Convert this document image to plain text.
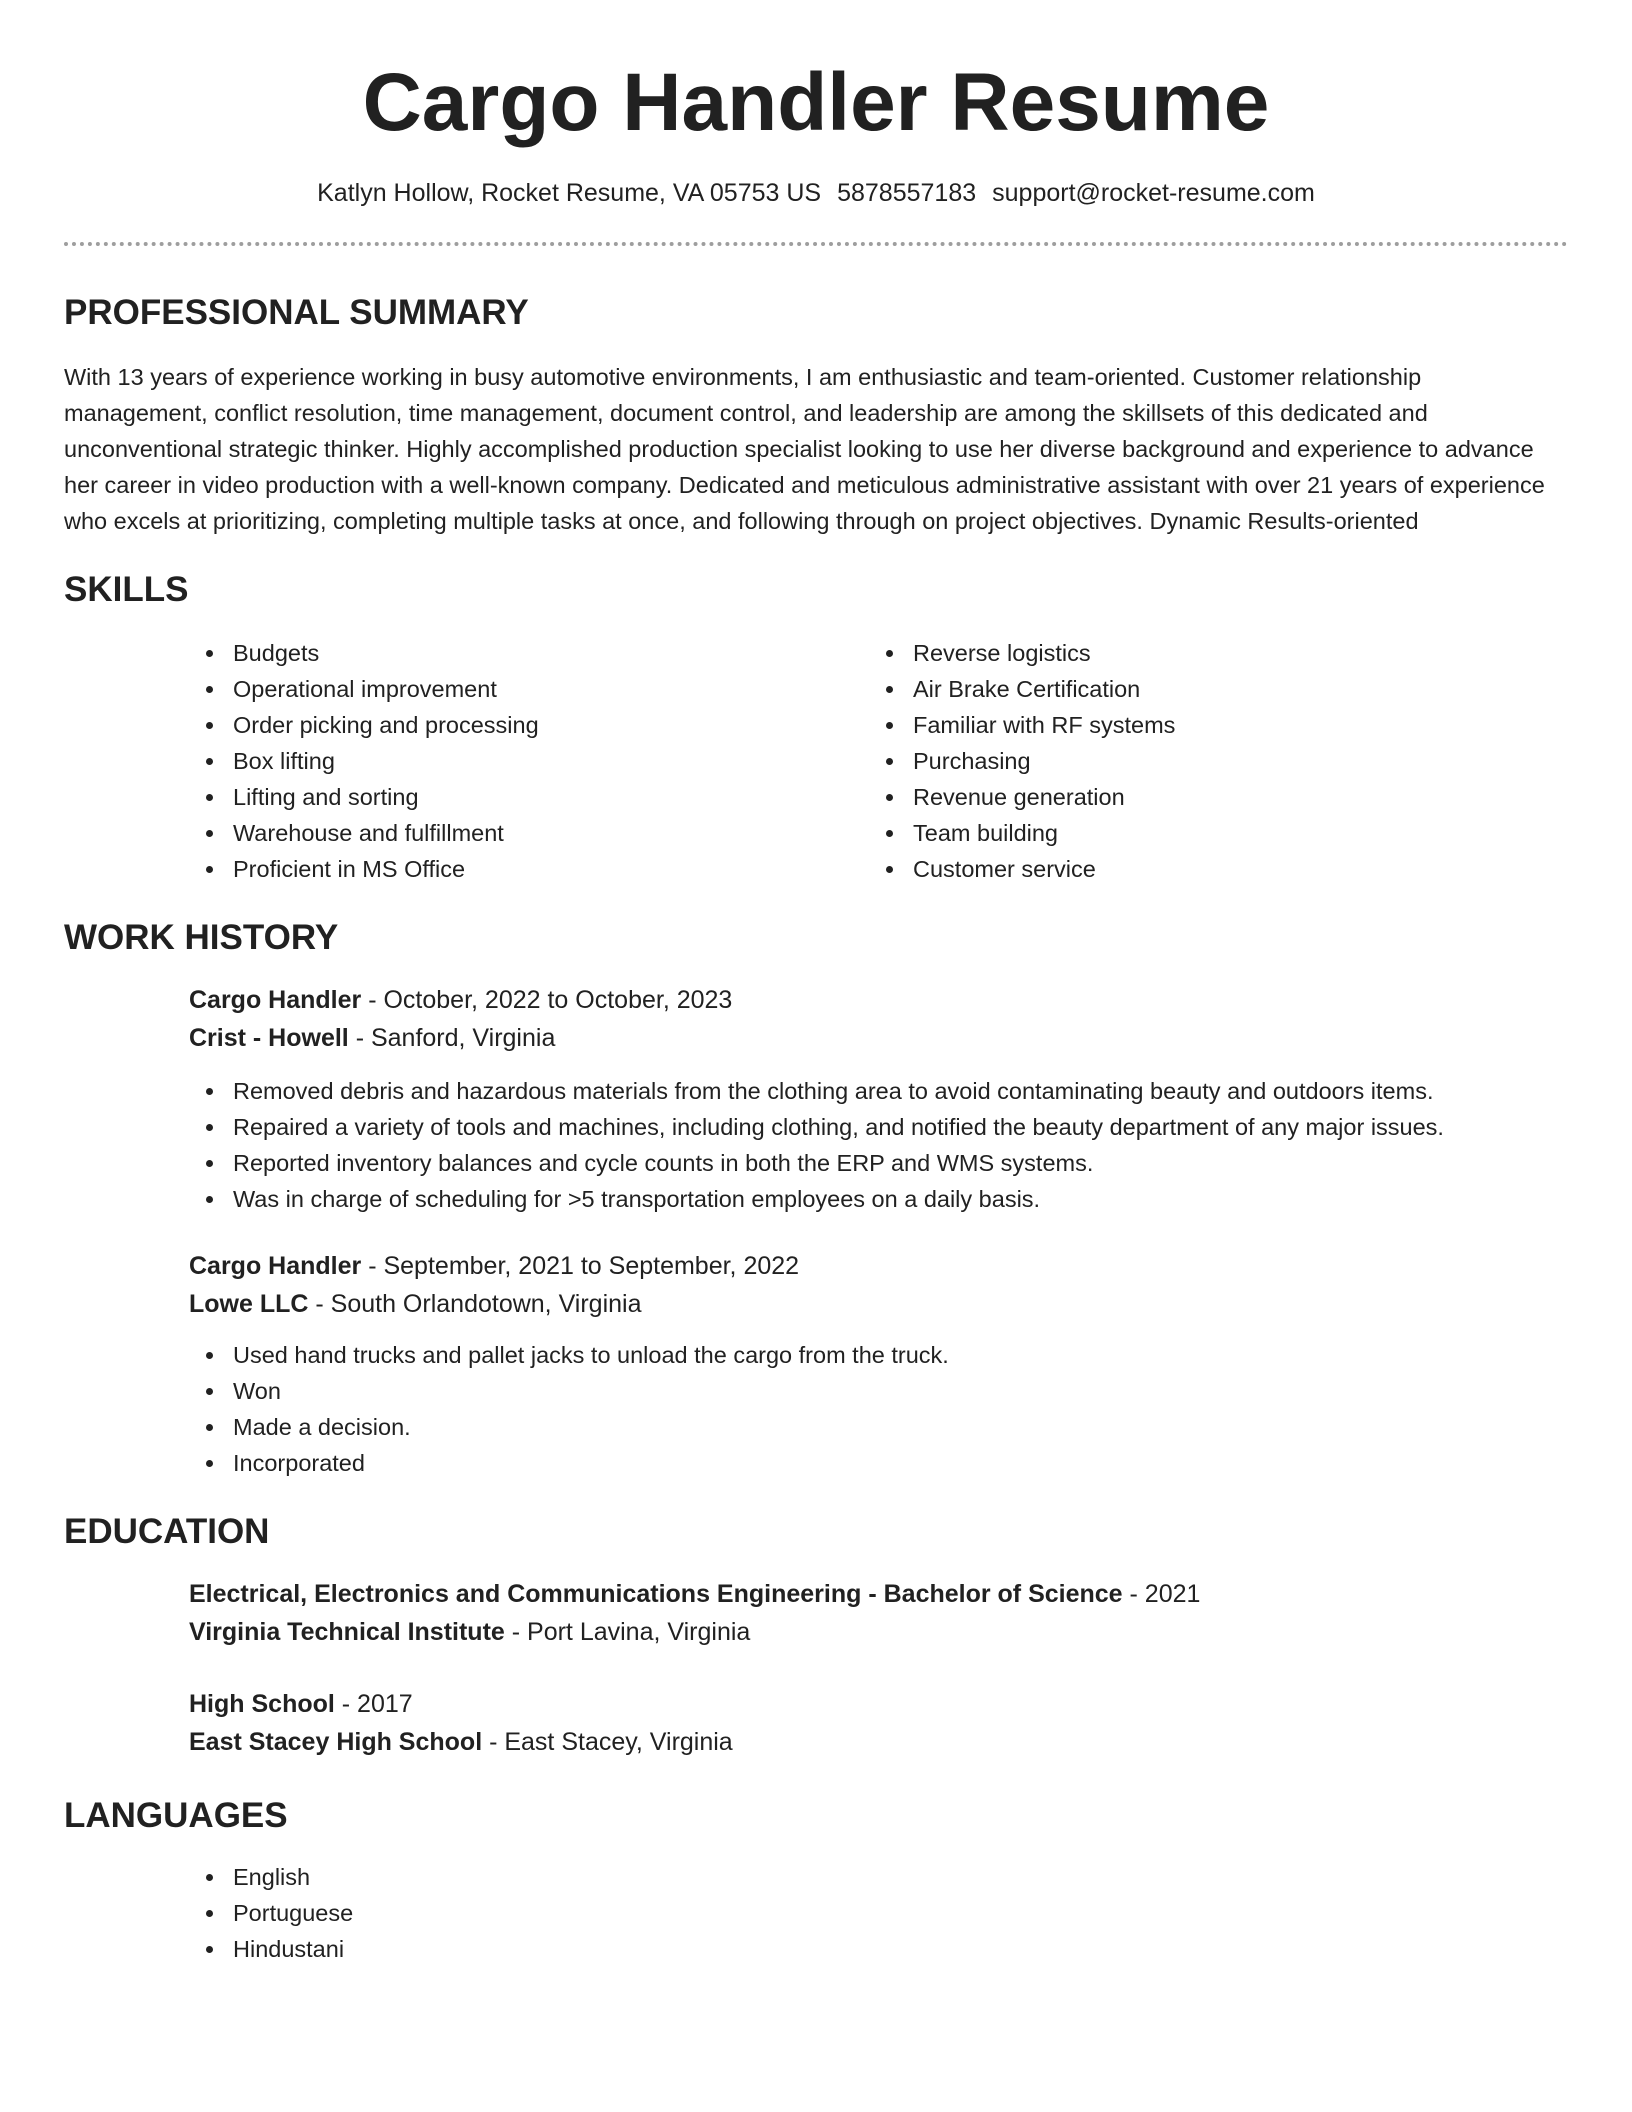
Cargo Handler Resume
Katlyn Hollow, Rocket Resume, VA 05753 US 5878557183 support@rocket-resume.com
PROFESSIONAL SUMMARY

With 13 years of experience working in busy automotive environments, I am enthusiastic and team-oriented. Customer relationship management, conflict resolution, time management, document control, and leadership are among the skillsets of this dedicated and unconventional strategic thinker. Highly accomplished production specialist looking to use her diverse background and experience to advance her career in video production with a well-known company. Dedicated and meticulous administrative assistant with over 21 years of experience who excels at prioritizing, completing multiple tasks at once, and following through on project objectives. Dynamic Results-oriented

SKILLS
Budgets
Operational improvement
Order picking and processing
Box lifting
Lifting and sorting
Warehouse and fulfillment
Proficient in MS Office
Reverse logistics
Air Brake Certification
Familiar with RF systems
Purchasing
Revenue generation
Team building
Customer service
WORK HISTORY
Cargo Handler - October, 2022 to October, 2023
Crist - Howell - Sanford, Virginia
Removed debris and hazardous materials from the clothing area to avoid contaminating beauty and outdoors items.
Repaired a variety of tools and machines, including clothing, and notified the beauty department of any major issues.
Reported inventory balances and cycle counts in both the ERP and WMS systems.
Was in charge of scheduling for >5 transportation employees on a daily basis.
Cargo Handler - September, 2021 to September, 2022
Lowe LLC - South Orlandotown, Virginia
Used hand trucks and pallet jacks to unload the cargo from the truck.
Won
Made a decision.
Incorporated
EDUCATION
Electrical, Electronics and Communications Engineering - Bachelor of Science - 2021
Virginia Technical Institute - Port Lavina, Virginia
High School - 2017
East Stacey High School - East Stacey, Virginia
LANGUAGES
English
Portuguese
Hindustani
